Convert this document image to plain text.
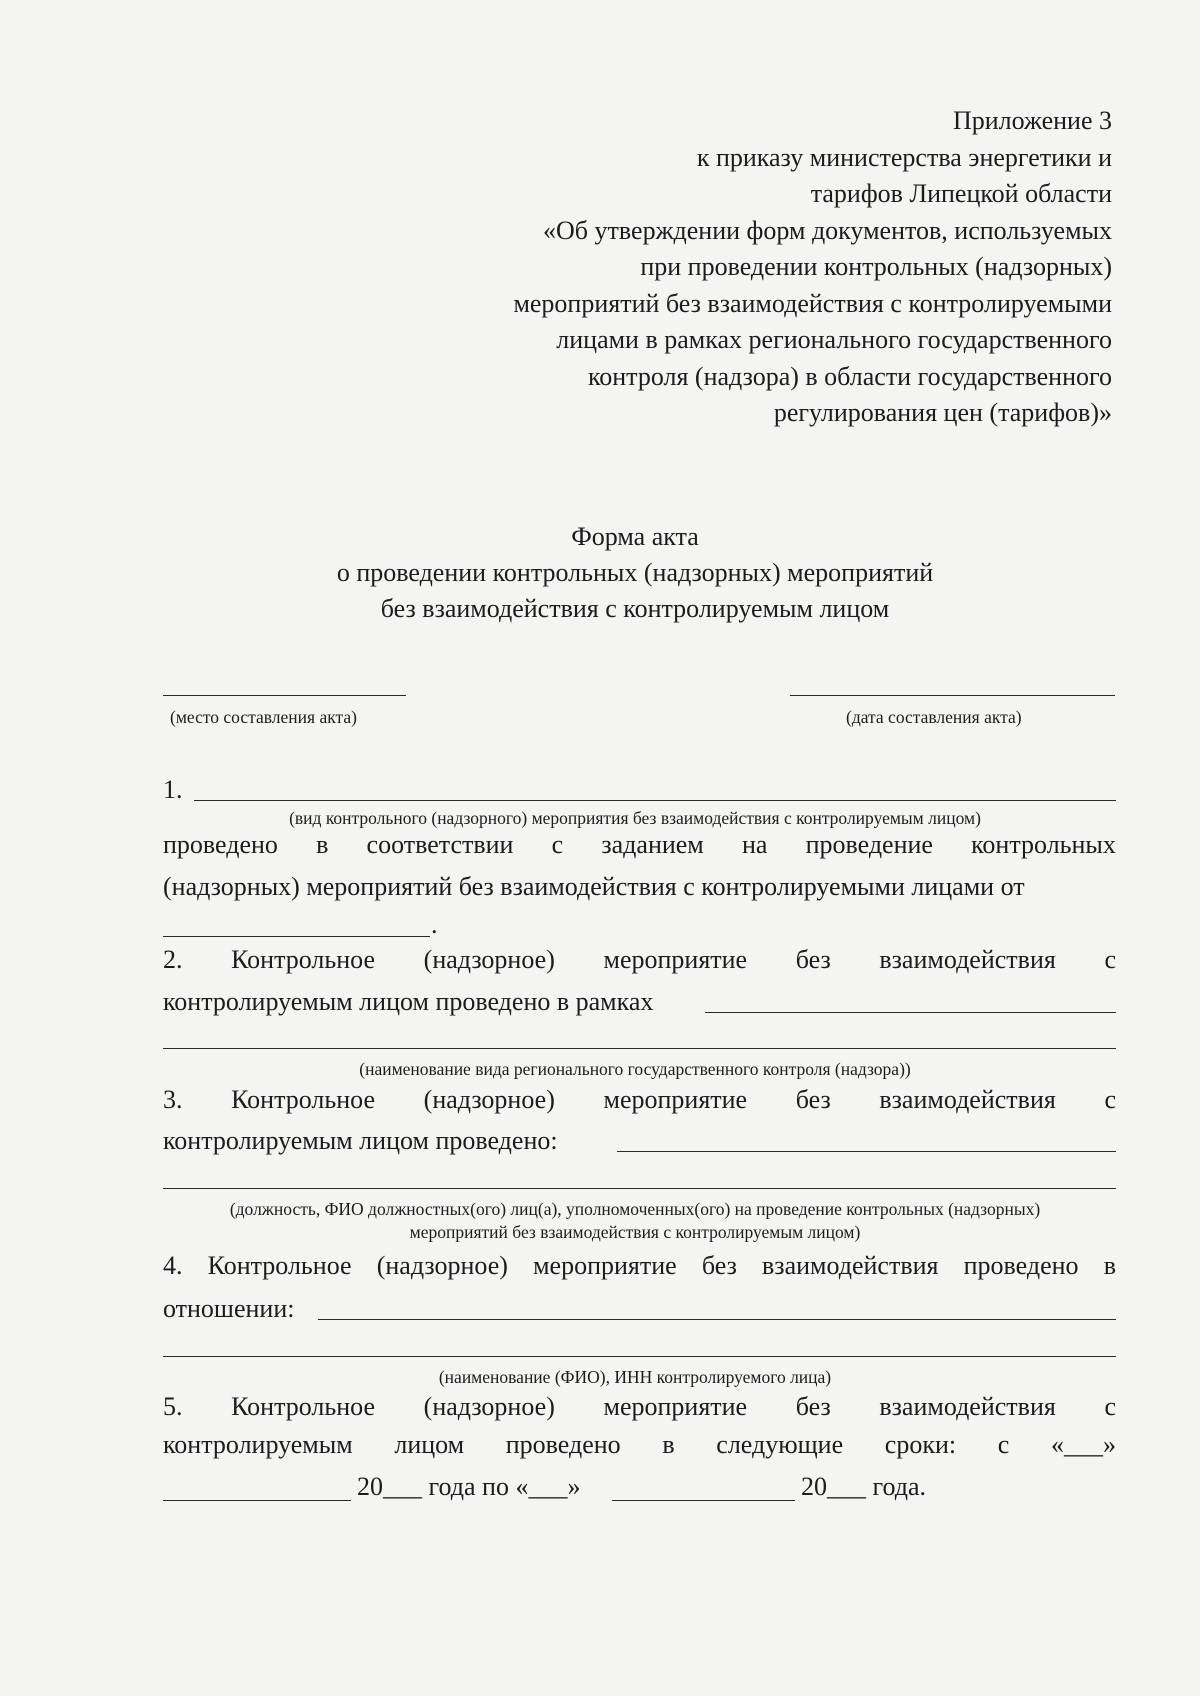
Приложение 3
к приказу министерства энергетики и
тарифов Липецкой области
«Об утверждении форм документов, используемых
при проведении контрольных (надзорных)
мероприятий без взаимодействия с контролируемыми
лицами в рамках регионального государственного
контроля (надзора) в области государственного
регулирования цен (тарифов)»
Форма акта
о проведении контрольных (надзорных) мероприятий
без взаимодействия с контролируемым лицом
(место составления акта)	(дата составления акта)
1.
(вид контрольного (надзорного) мероприятия без взаимодействия с контролируемым лицом)
проведено в соответствии с заданием на проведение контрольных
(надзорных) мероприятий без взаимодействия с контролируемыми лицами от
.
2. Контрольное (надзорное) мероприятие без взаимодействия с
контролируемым лицом проведено в рамках
(наименование вида регионального государственного контроля (надзора))
3. Контрольное (надзорное) мероприятие без взаимодействия с
контролируемым лицом проведено:
(должность, ФИО должностных(ого) лиц(а), уполномоченных(ого) на проведение контрольных (надзорных)
мероприятий без взаимодействия с контролируемым лицом)
4. Контрольное (надзорное) мероприятие без взаимодействия проведено в
отношении:
(наименование (ФИО), ИНН контролируемого лица)
5. Контрольное (надзорное) мероприятие без взаимодействия с
контролируемым лицом проведено в следующие сроки: с «___»
20___ года по «___»	20___ года.
